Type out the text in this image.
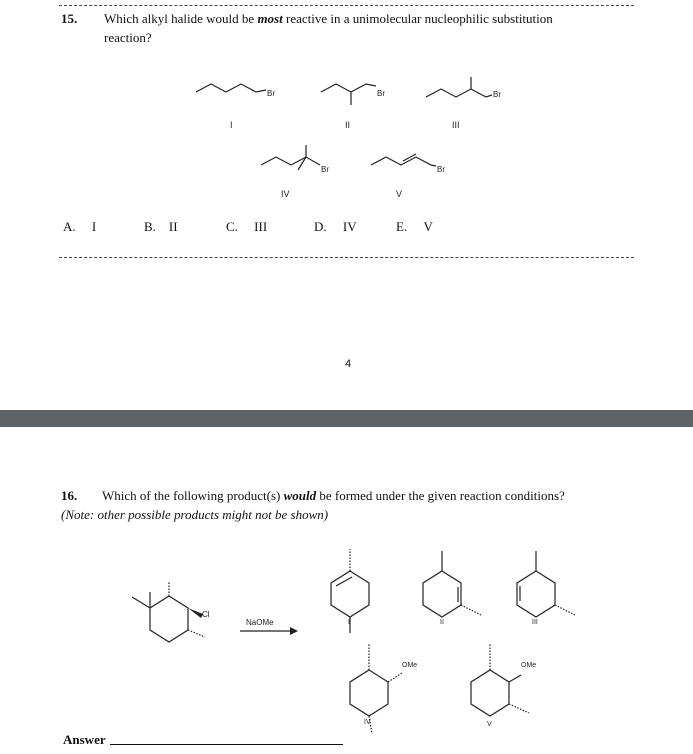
15. Which alkyl halide would be most reactive in a unimolecular nucleophilic substitution
reaction?
Br	Br	Br
Br	Br
I	II	III
IV	V
A. I	B. II	C. III	D. IV	E. V
4
16. Which of the following product(s) would be formed under the given reaction conditions?
(Note: other possible products might not be shown)
Cl
NaOMe
OMe	OMe
I	II	III
IV	V
Answer
